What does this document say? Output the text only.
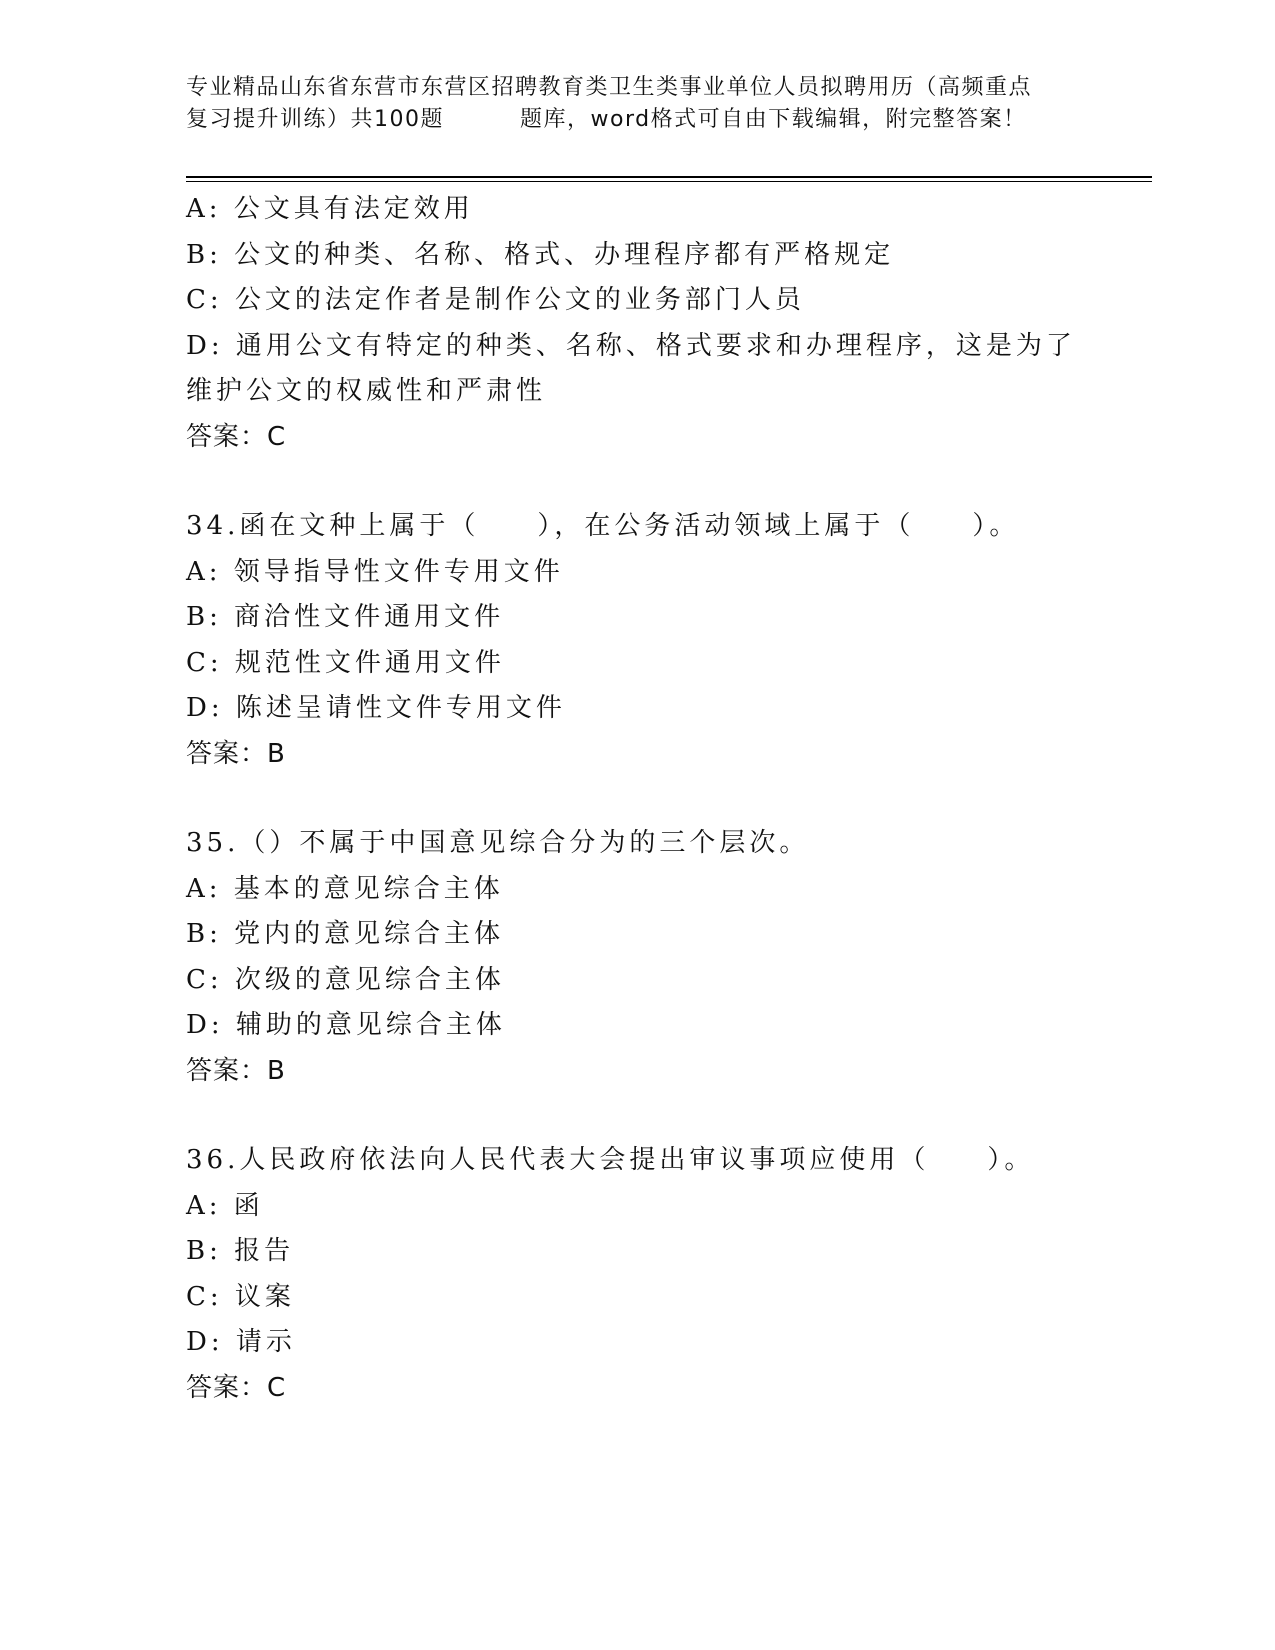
专业精品山东省东营市东营区招聘教育类卫生类事业单位人员拟聘用历（高频重点
复习提升训练）共100题	题库，word格式可自由下载编辑，附完整答案！
A: 公文具有法定效用
B: 公文的种类、名称、格式、办理程序都有严格规定
C: 公文的法定作者是制作公文的业务部门人员
D: 通用公文有特定的种类、名称、格式要求和办理程序，这是为了维护公文的权威性和严肃性
答案：C
34.函在文种上属于（ ），在公务活动领域上属于（ ）。
A: 领导指导性文件专用文件
B: 商洽性文件通用文件
C: 规范性文件通用文件
D: 陈述呈请性文件专用文件
答案：B
35.（）不属于中国意见综合分为的三个层次。
A: 基本的意见综合主体
B: 党内的意见综合主体
C: 次级的意见综合主体
D: 辅助的意见综合主体
答案：B
36.人民政府依法向人民代表大会提出审议事项应使用（ ）。
A: 函
B: 报告
C: 议案
D: 请示
答案：C
